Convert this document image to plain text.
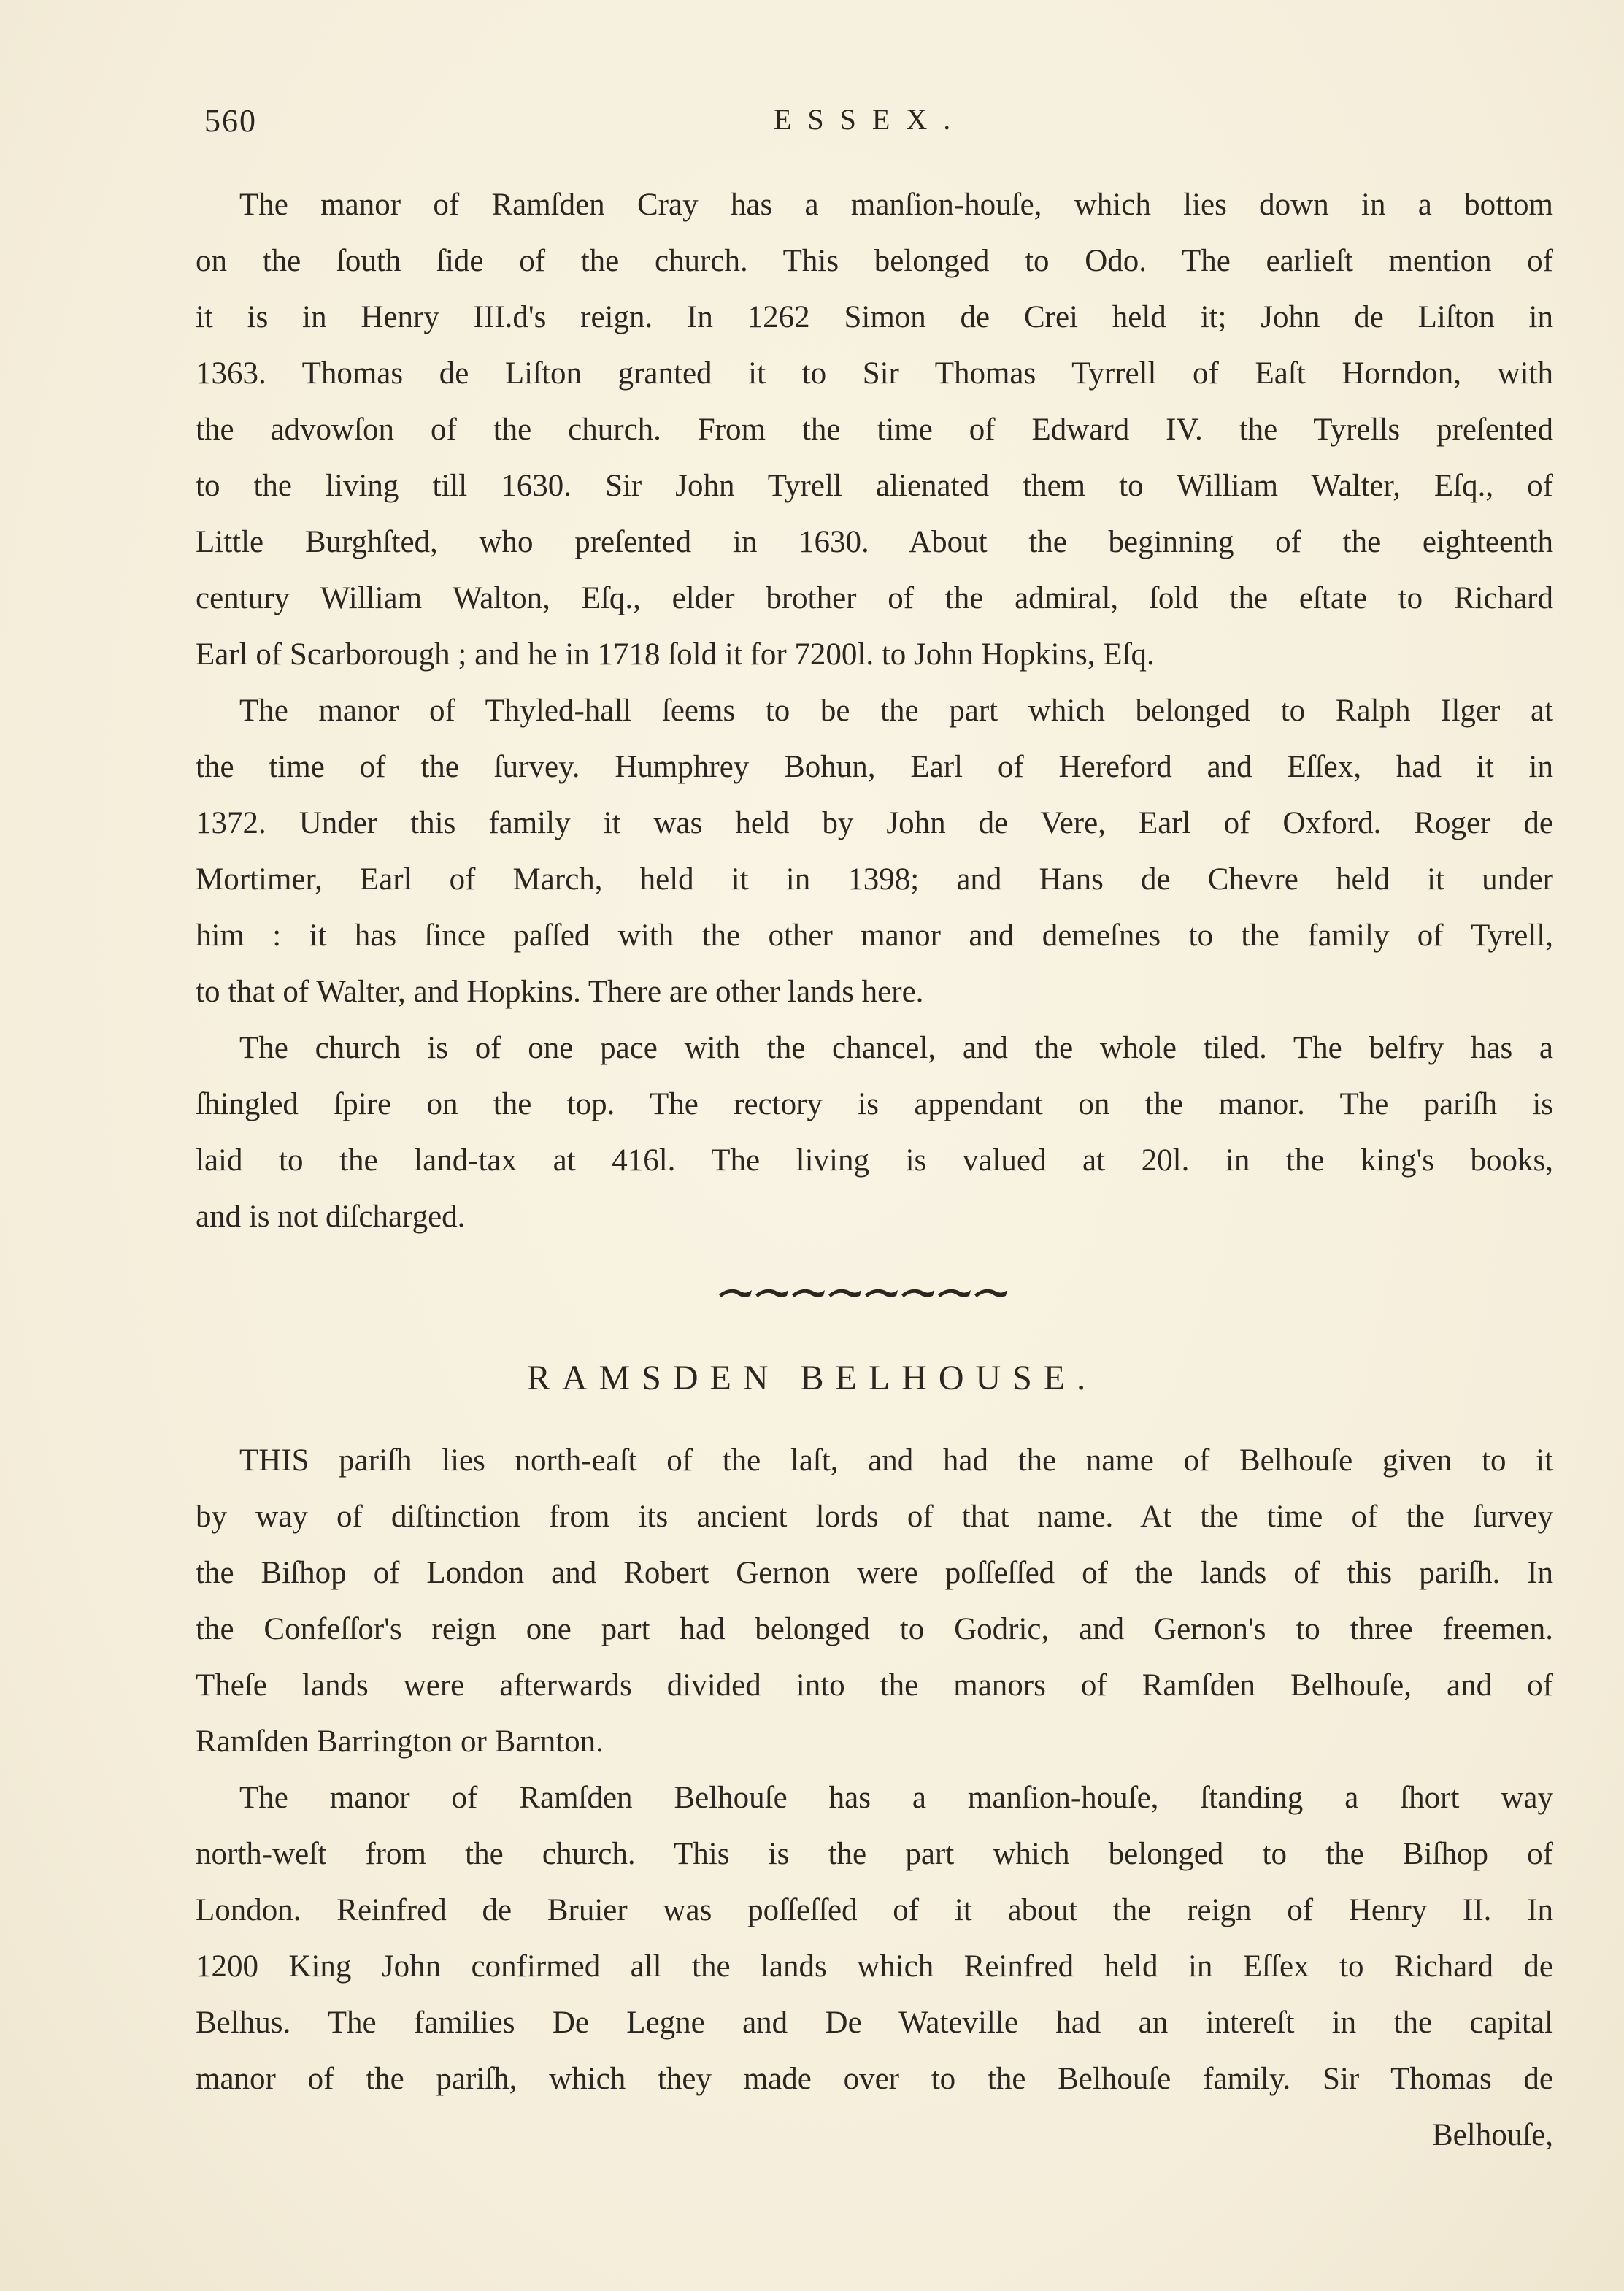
560	ESSEX.
The manor of Ramſden Cray has a manſion-houſe, which lies down in a bottom
on the ſouth ſide of the church. This belonged to Odo. The earlieſt mention of
it is in Henry III.d's reign. In 1262 Simon de Crei held it; John de Liſton in
1363. Thomas de Liſton granted it to Sir Thomas Tyrrell of Eaſt Horndon, with
the advowſon of the church. From the time of Edward IV. the Tyrells preſented
to the living till 1630. Sir John Tyrell alienated them to William Walter, Eſq., of
Little Burghſted, who preſented in 1630. About the beginning of the eighteenth
century William Walton, Eſq., elder brother of the admiral, ſold the eſtate to Richard
Earl of Scarborough ; and he in 1718 ſold it for 7200l. to John Hopkins, Eſq.
The manor of Thyled-hall ſeems to be the part which belonged to Ralph Ilger at
the time of the ſurvey. Humphrey Bohun, Earl of Hereford and Eſſex, had it in
1372. Under this family it was held by John de Vere, Earl of Oxford. Roger de
Mortimer, Earl of March, held it in 1398; and Hans de Chevre held it under
him : it has ſince paſſed with the other manor and demeſnes to the family of Tyrell,
to that of Walter, and Hopkins. There are other lands here.
The church is of one pace with the chancel, and the whole tiled. The belfry has a
ſhingled ſpire on the top. The rectory is appendant on the manor. The pariſh is
laid to the land-tax at 416l. The living is valued at 20l. in the king's books,
and is not diſcharged.
RAMSDEN BELHOUSE.
THIS pariſh lies north-eaſt of the laſt, and had the name of Belhouſe given to it
by way of diſtinction from its ancient lords of that name. At the time of the ſurvey
the Biſhop of London and Robert Gernon were poſſeſſed of the lands of this pariſh. In
the Confeſſor's reign one part had belonged to Godric, and Gernon's to three freemen.
Theſe lands were afterwards divided into the manors of Ramſden Belhouſe, and of
Ramſden Barrington or Barnton.
The manor of Ramſden Belhouſe has a manſion-houſe, ſtanding a ſhort way
north-weſt from the church. This is the part which belonged to the Biſhop of
London. Reinfred de Bruier was poſſeſſed of it about the reign of Henry II. In
1200 King John confirmed all the lands which Reinfred held in Eſſex to Richard de
Belhus. The families De Legne and De Wateville had an intereſt in the capital
manor of the pariſh, which they made over to the Belhouſe family. Sir Thomas de
Belhouſe,
